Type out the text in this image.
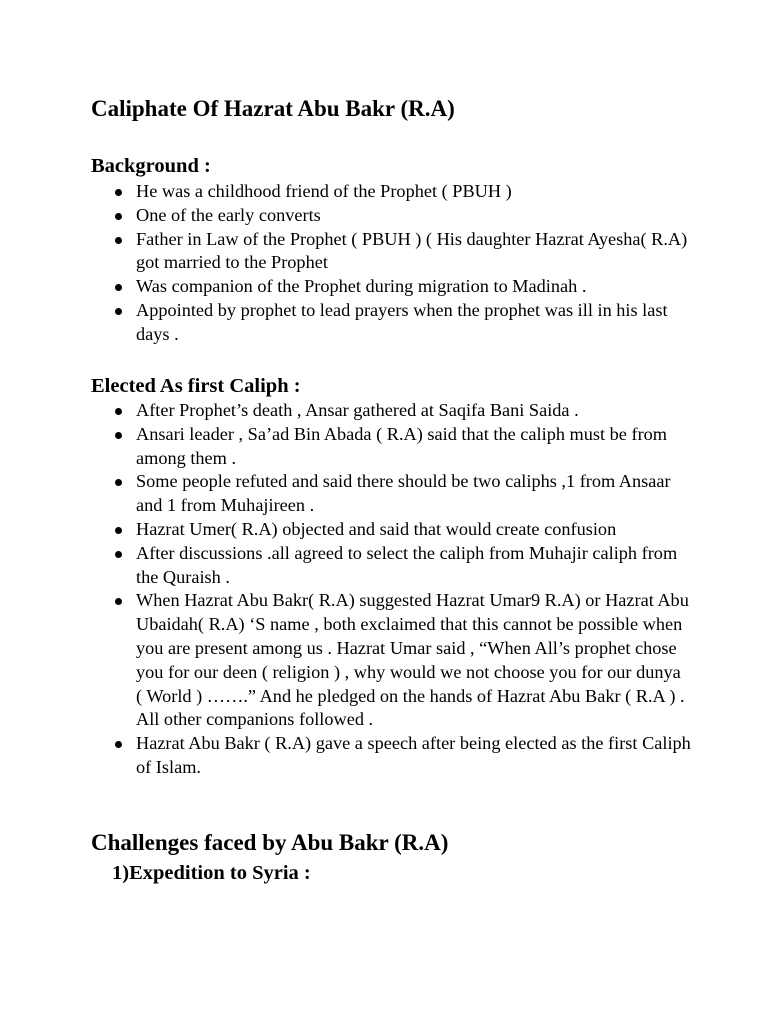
Caliphate Of Hazrat Abu Bakr (R.A)
Background :
He was a childhood friend of the Prophet ( PBUH )
One of the early converts
Father in Law of the Prophet ( PBUH ) ( His daughter Hazrat Ayesha( R.A) got married to the Prophet
Was companion of the Prophet during migration to Madinah .
Appointed by prophet to lead prayers when the prophet was ill in his last days .
Elected As first Caliph :
After Prophet’s death , Ansar gathered at Saqifa Bani Saida .
Ansari leader , Sa’ad Bin Abada ( R.A) said that the caliph must be from among them .
Some people refuted and said there should be two caliphs ,1 from Ansaar and 1 from Muhajireen .
Hazrat Umer( R.A) objected and said that would create confusion
After discussions .all agreed to select the caliph from Muhajir caliph from the Quraish .
When Hazrat Abu Bakr( R.A) suggested Hazrat Umar9 R.A) or Hazrat Abu Ubaidah( R.A) ‘S name , both exclaimed that this cannot be possible when you are present among us . Hazrat Umar said , “When All’s prophet chose you for our deen ( religion ) , why would we not choose you for our dunya ( World ) …….” And he pledged on the hands of Hazrat Abu Bakr ( R.A ) . All other companions followed .
Hazrat Abu Bakr ( R.A) gave a speech after being elected as the first Caliph of Islam.
Challenges faced by Abu Bakr (R.A)
1)Expedition to Syria :
